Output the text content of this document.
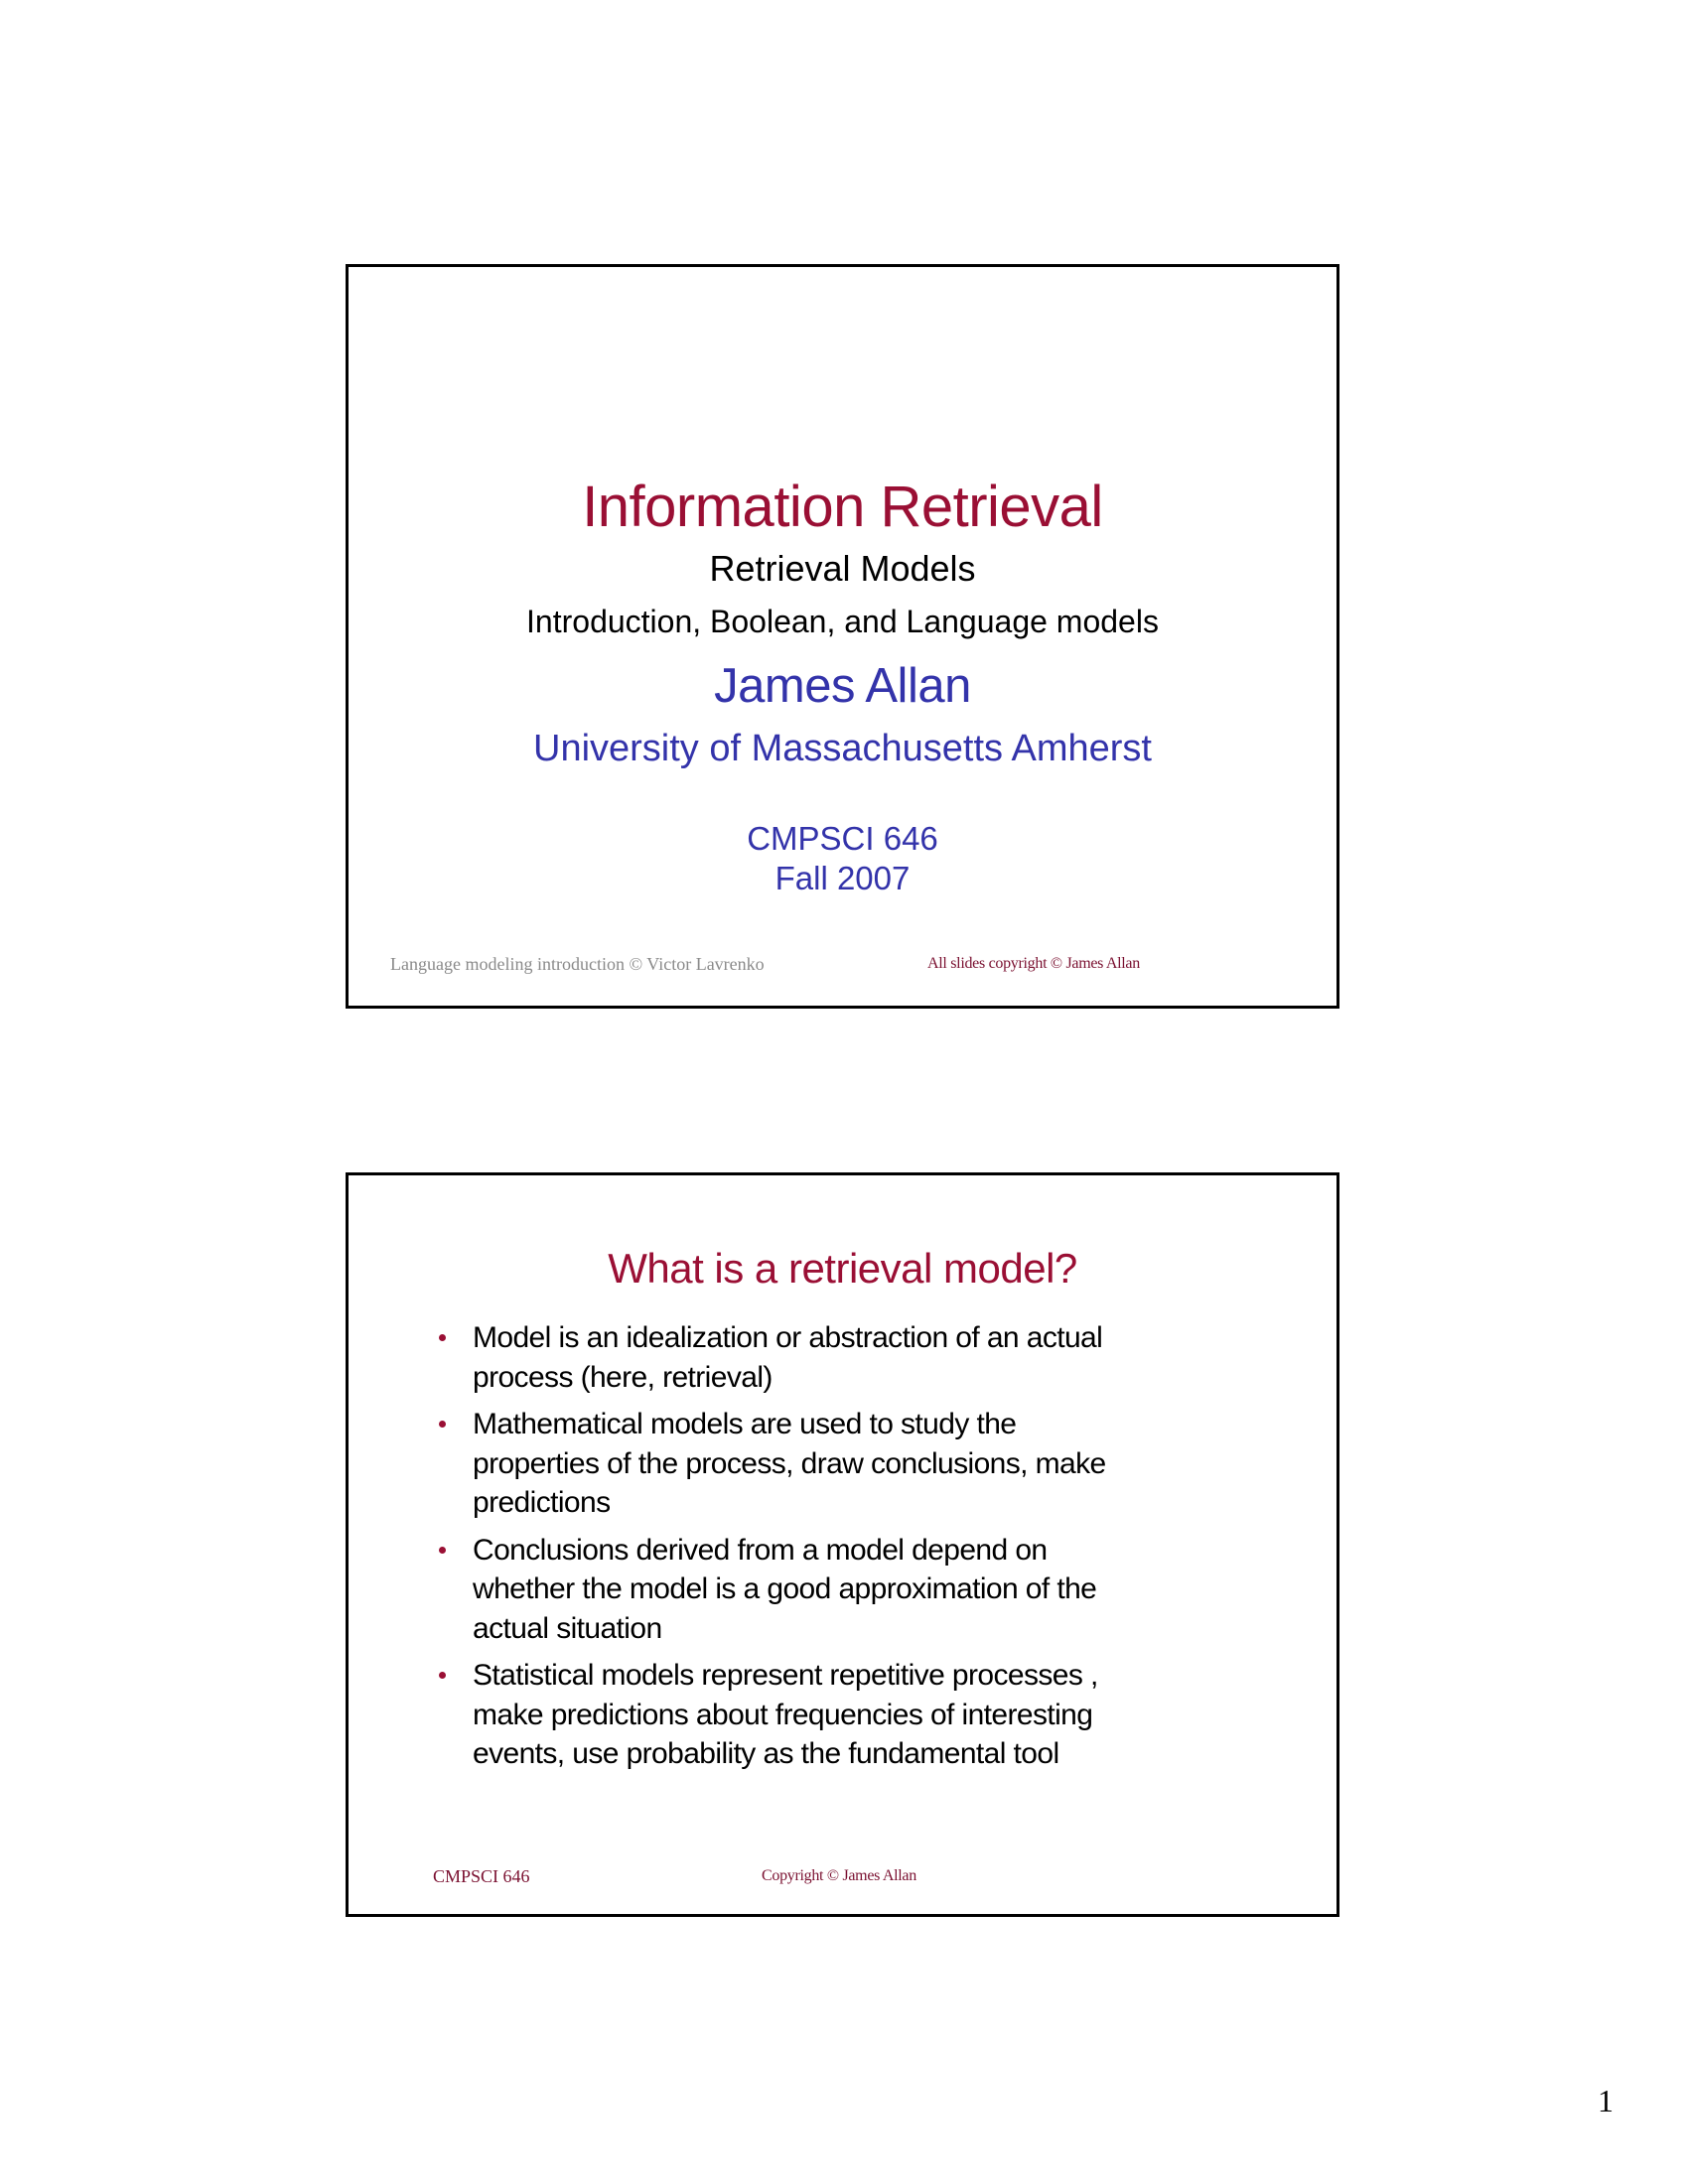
Information Retrieval
Retrieval Models
Introduction, Boolean, and Language models
James Allan
University of Massachusetts Amherst
CMPSCI 646
Fall 2007
Language modeling introduction © Victor Lavrenko	All slides copyright © James Allan
What is a retrieval model?
Model is an idealization or abstraction of an actual
process (here, retrieval)
Mathematical models are used to study the
properties of the process, draw conclusions, make
predictions
Conclusions derived from a model depend on
whether the model is a good approximation of the
actual situation
Statistical models represent repetitive processes ,
make predictions about frequencies of interesting
events, use probability as the fundamental tool
CMPSCI 646	Copyright © James Allan
1
